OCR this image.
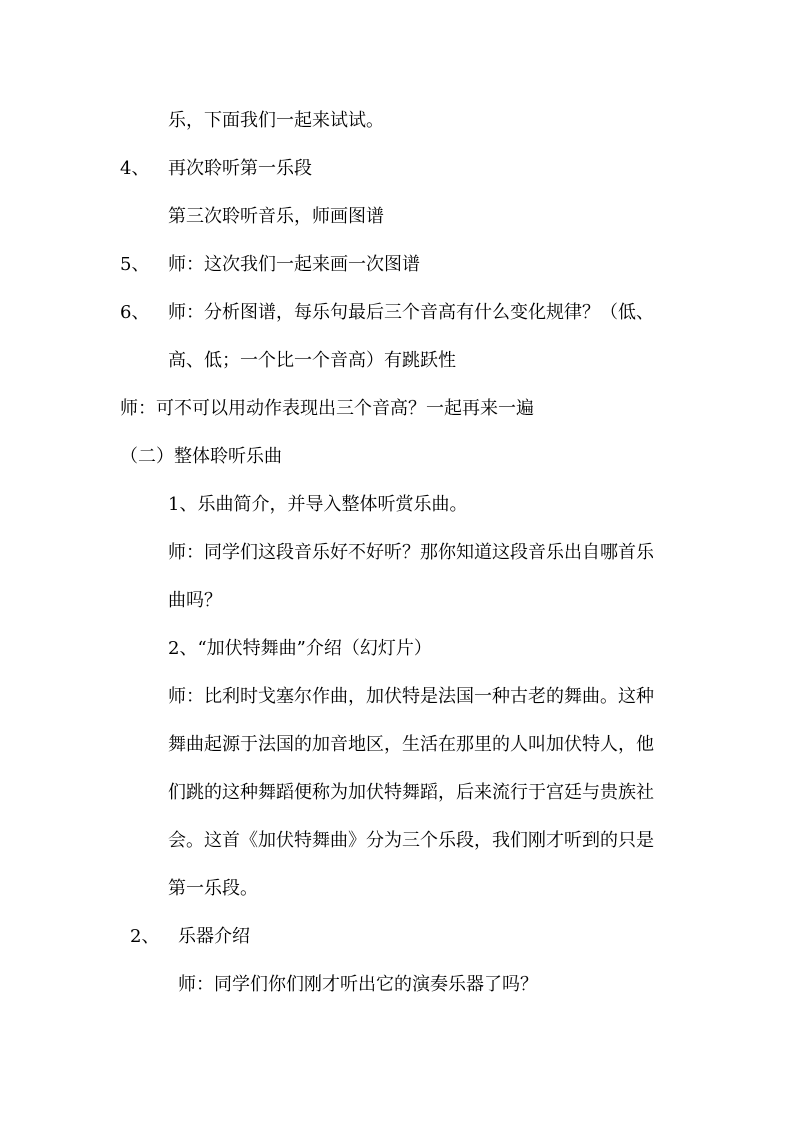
乐，下面我们一起来试试。
4、 再次聆听第一乐段
第三次聆听音乐，师画图谱
5、 师：这次我们一起来画一次图谱
6、 师：分析图谱，每乐句最后三个音高有什么变化规律？（低、
高、低；一个比一个音高）有跳跃性
师：可不可以用动作表现出三个音高？一起再来一遍
（二）整体聆听乐曲
1、乐曲简介，并导入整体听赏乐曲。
师：同学们这段音乐好不好听？那你知道这段音乐出自哪首乐
曲吗？
2、“加伏特舞曲”介绍（幻灯片）
师：比利时戈塞尔作曲，加伏特是法国一种古老的舞曲。这种
舞曲起源于法国的加音地区，生活在那里的人叫加伏特人，他
们跳的这种舞蹈便称为加伏特舞蹈，后来流行于宫廷与贵族社
会。这首《加伏特舞曲》分为三个乐段，我们刚才听到的只是
第一乐段。
2、 乐器介绍
师：同学们你们刚才听出它的演奏乐器了吗？
